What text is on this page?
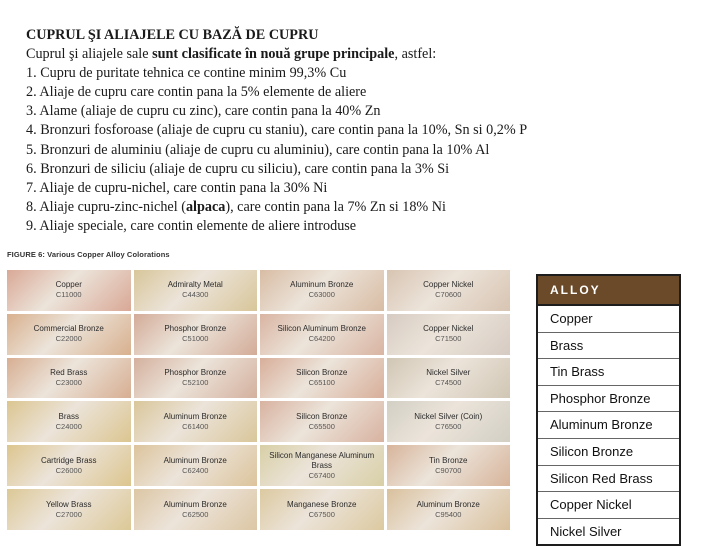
CUPRUL ŞI ALIAJELE CU BAZĂ DE CUPRU

Cuprul şi aliajele sale sunt clasificate în nouă grupe principale, astfel:

1. Cupru de puritate tehnica ce contine minim 99,3% Cu

2. Aliaje de cupru care contin pana la 5% elemente de aliere

3. Alame (aliaje de cupru cu zinc), care contin pana la 40% Zn

4. Bronzuri fosforoase (aliaje de cupru cu staniu), care contin pana la 10%, Sn si 0,2% P

5. Bronzuri de aluminiu (aliaje de cupru cu aluminiu), care contin pana la 10% Al

6. Bronzuri de siliciu (aliaje de cupru cu siliciu), care contin pana la 3% Si

7. Aliaje de cupru-nichel, care contin pana la 30% Ni

8. Aliaje cupru-zinc-nichel (alpaca), care contin pana la 7% Zn si 18% Ni

9. Aliaje speciale, care contin elemente de aliere introduse

FIGURE 6: Various Copper Alloy Colorations
Copper
C11000
Admiralty Metal
C44300
Aluminum Bronze
C63000
Copper Nickel
C70600
Commercial Bronze
C22000
Phosphor Bronze
C51000
Silicon Aluminum Bronze
C64200
Copper Nickel
C71500
Red Brass
C23000
Phosphor Bronze
C52100
Silicon Bronze
C65100
Nickel Silver
C74500
Brass
C24000
Aluminum Bronze
C61400
Silicon Bronze
C65500
Nickel Silver (Coin)
C76500
Cartridge Brass
C26000
Aluminum Bronze
C62400
Silicon Manganese Aluminum Brass
C67400
Tin Bronze
C90700
Yellow Brass
C27000
Aluminum Bronze
C62500
Manganese Bronze
C67500
Aluminum Bronze
C95400
ALLOY
Copper
Brass
Tin Brass
Phosphor Bronze
Aluminum Bronze
Silicon Bronze
Silicon Red Brass
Copper Nickel
Nickel Silver
